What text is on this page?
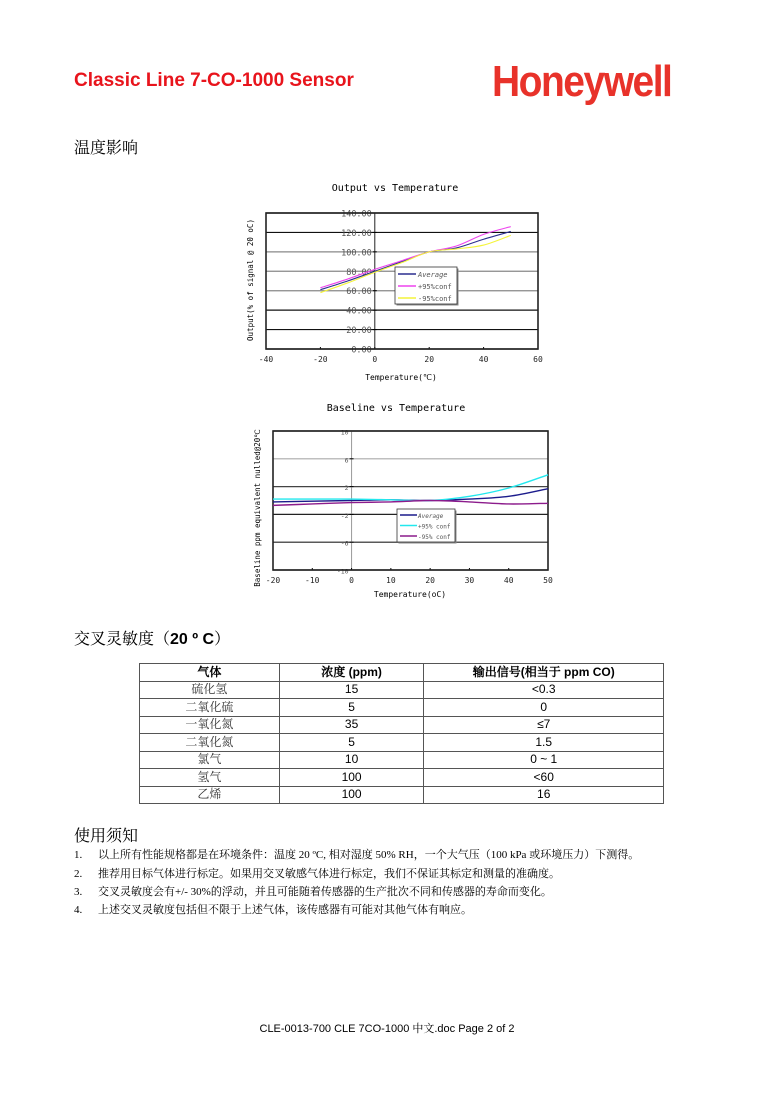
Classic Line 7-CO-1000 Sensor	Honeywell
温度影响
Output vs Temperature
0.00
20.00
40.00
60.00
80.00
100.00
120.00
140.00
-40	-20	0	20	40	60
Average
+95%conf
-95%conf
Temperature(℃)
Output(% of signal @ 20 oC)
Baseline vs Temperature
-10
-6
-2
2
6
10
-20	-10	0	10	20	30	40	50
Average
+95% conf
-95% conf
Temperature(oC)
Baseline ppm equivalent nulled@20℃
交叉灵敏度（20 º C）
气体	浓度 (ppm)	输出信号(相当于 ppm CO)
硫化氢	15	<0.3
二氧化硫	5	0
一氧化氮	35	≤7
二氧化氮	5	1.5
氯气	10	0 ~ 1
氢气	100	<60
乙烯	100	16
使用须知
1. 以上所有性能规格都是在环境条件：温度 20 ºC, 相对湿度 50% RH，一个大气压（100 kPa 或环境压力）下测得。
2. 推荐用目标气体进行标定。如果用交叉敏感气体进行标定，我们不保证其标定和测量的准确度。
3. 交叉灵敏度会有+/- 30%的浮动，并且可能随着传感器的生产批次不同和传感器的寿命而变化。
4. 上述交叉灵敏度包括但不限于上述气体，该传感器有可能对其他气体有响应。
CLE-0013-700 CLE 7CO-1000 中文.doc Page 2 of 2
